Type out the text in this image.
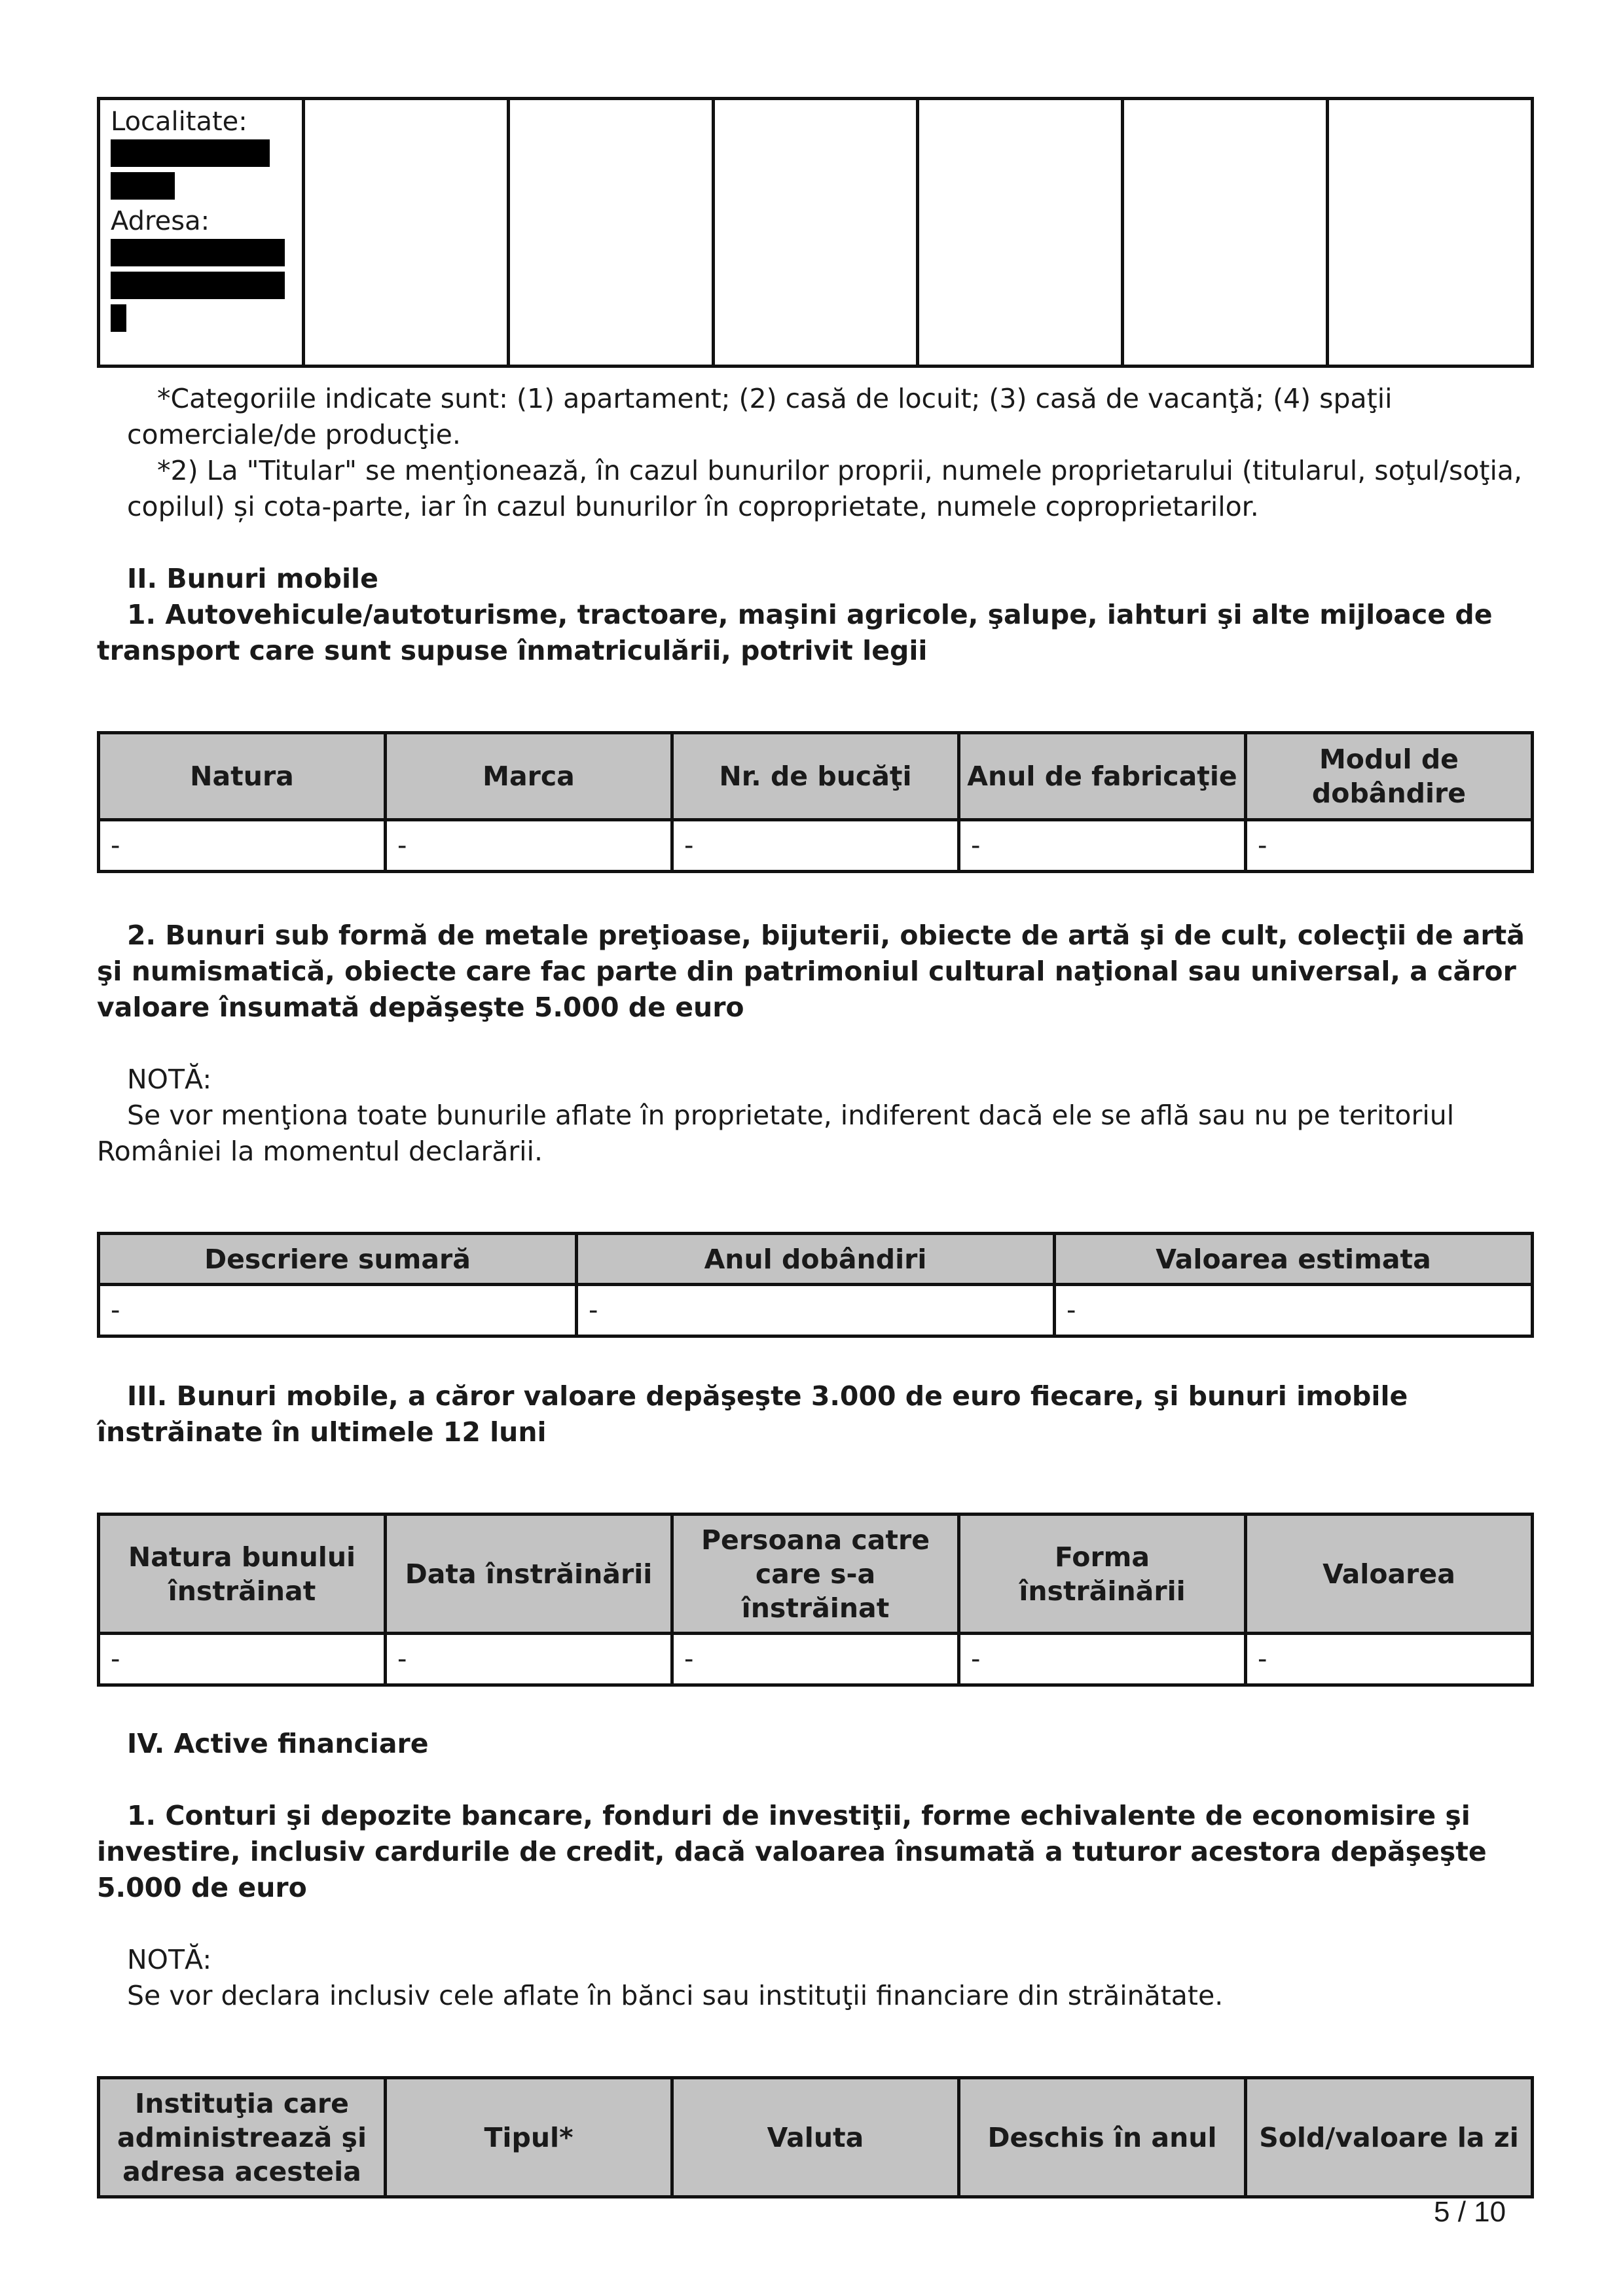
Localitate:
Adresa:

*Categoriile indicate sunt: (1) apartament; (2) casă de locuit; (3) casă de vacanţă; (4) spaţii comerciale/de producţie.
*2) La "Titular" se menţionează, în cazul bunurilor proprii, numele proprietarului (titularul, soţul/soţia, copilul) și cota-parte, iar în cazul bunurilor în coproprietate, numele coproprietarilor.
II. Bunuri mobile
1. Autovehicule/autoturisme, tractoare, maşini agricole, şalupe, iahturi şi alte mijloace de transport care sunt supuse înmatriculării, potrivit legii
Natura	Marca	Nr. de bucăţi	Anul de fabricaţie	Modul de dobândire
-	-	-	-	-
2. Bunuri sub formă de metale preţioase, bijuterii, obiecte de artă şi de cult, colecţii de artă şi numismatică, obiecte care fac parte din patrimoniul cultural naţional sau universal, a căror valoare însumată depăşeşte 5.000 de euro
NOTĂ:
Se vor menţiona toate bunurile aflate în proprietate, indiferent dacă ele se află sau nu pe teritoriul României la momentul declarării.
Descriere sumară	Anul dobândiri	Valoarea estimata
-	-	-
III. Bunuri mobile, a căror valoare depăşeşte 3.000 de euro fiecare, şi bunuri imobile înstrăinate în ultimele 12 luni
Natura bunului înstrăinat	Data înstrăinării	Persoana catre care s-a înstrăinat	Forma înstrăinării	Valoarea
-	-	-	-	-
IV. Active financiare
1. Conturi şi depozite bancare, fonduri de investiţii, forme echivalente de economisire şi investire, inclusiv cardurile de credit, dacă valoarea însumată a tuturor acestora depăşeşte 5.000 de euro
NOTĂ:
Se vor declara inclusiv cele aflate în bănci sau instituţii financiare din străinătate.
Instituţia care administrează şi adresa acesteia	Tipul*	Valuta	Deschis în anul	Sold/valoare la zi
5 / 10
